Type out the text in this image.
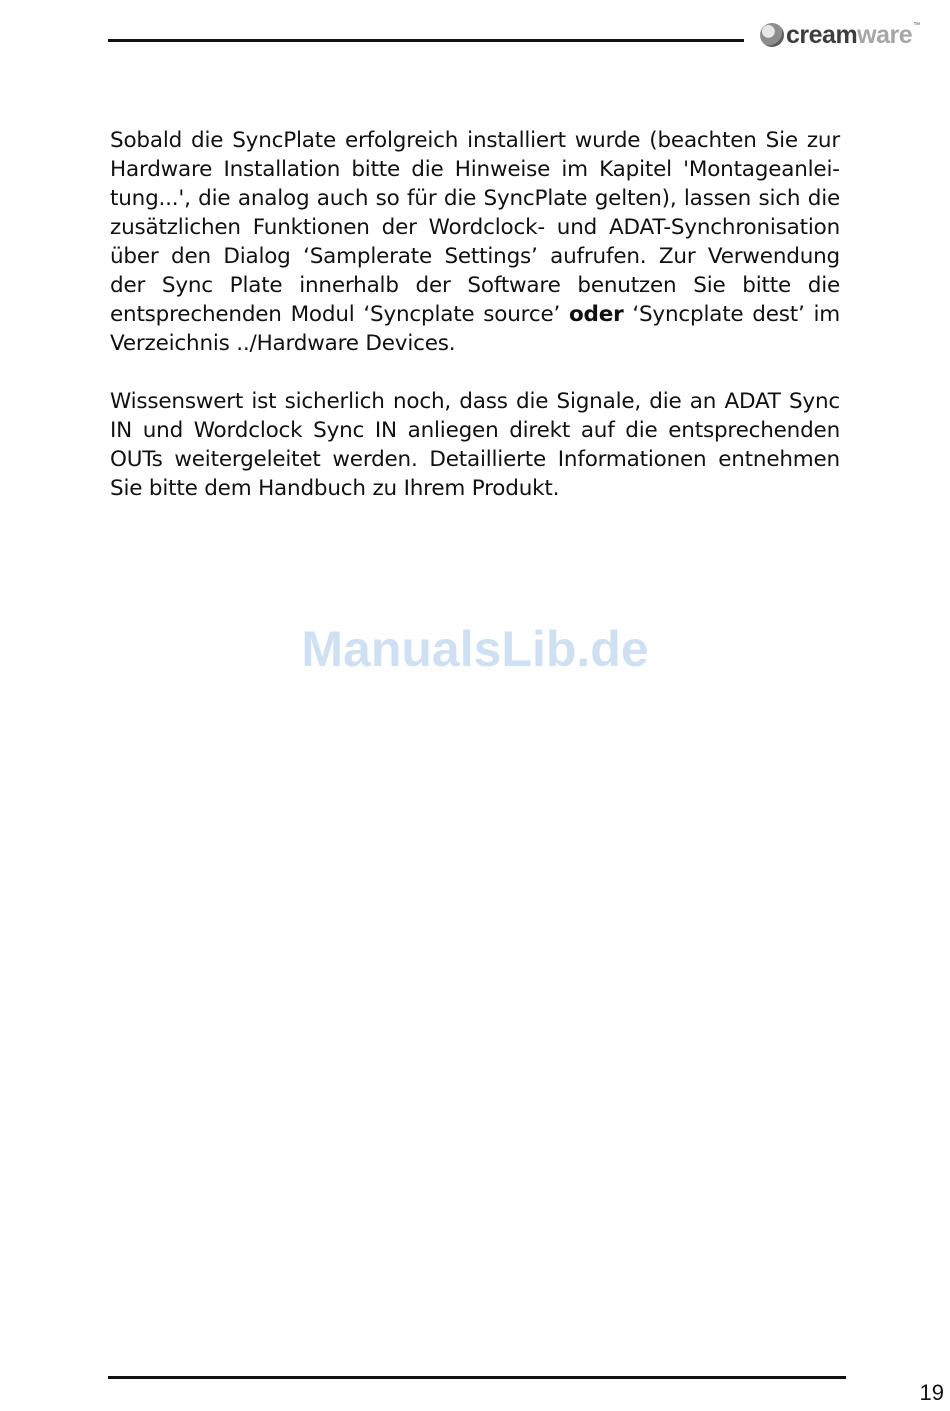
cream ware ™

Sobald die SyncPlate erfolgreich installiert wurde (beachten Sie zur Hardware Installation bitte die Hinweise im Kapitel 'Montageanleitung...', die analog auch so für die SyncPlate gelten), lassen sich die zusätzlichen Funktionen der Wordclock- und ADAT-Synchronisation über den Dialog ‘Samplerate Settings’ aufrufen. Zur Verwendung der Sync Plate innerhalb der Software benutzen Sie bitte die entsprechenden Modul ‘Syncplate source’ oder ‘Syncplate dest’ im Verzeichnis ../Hardware Devices.

Wissenswert ist sicherlich noch, dass die Signale, die an ADAT Sync IN und Wordclock Sync IN anliegen direkt auf die entsprechenden OUTs weitergeleitet werden. Detaillierte Informationen entnehmen Sie bitte dem Handbuch zu Ihrem Produkt.

ManualsLib.de
19
